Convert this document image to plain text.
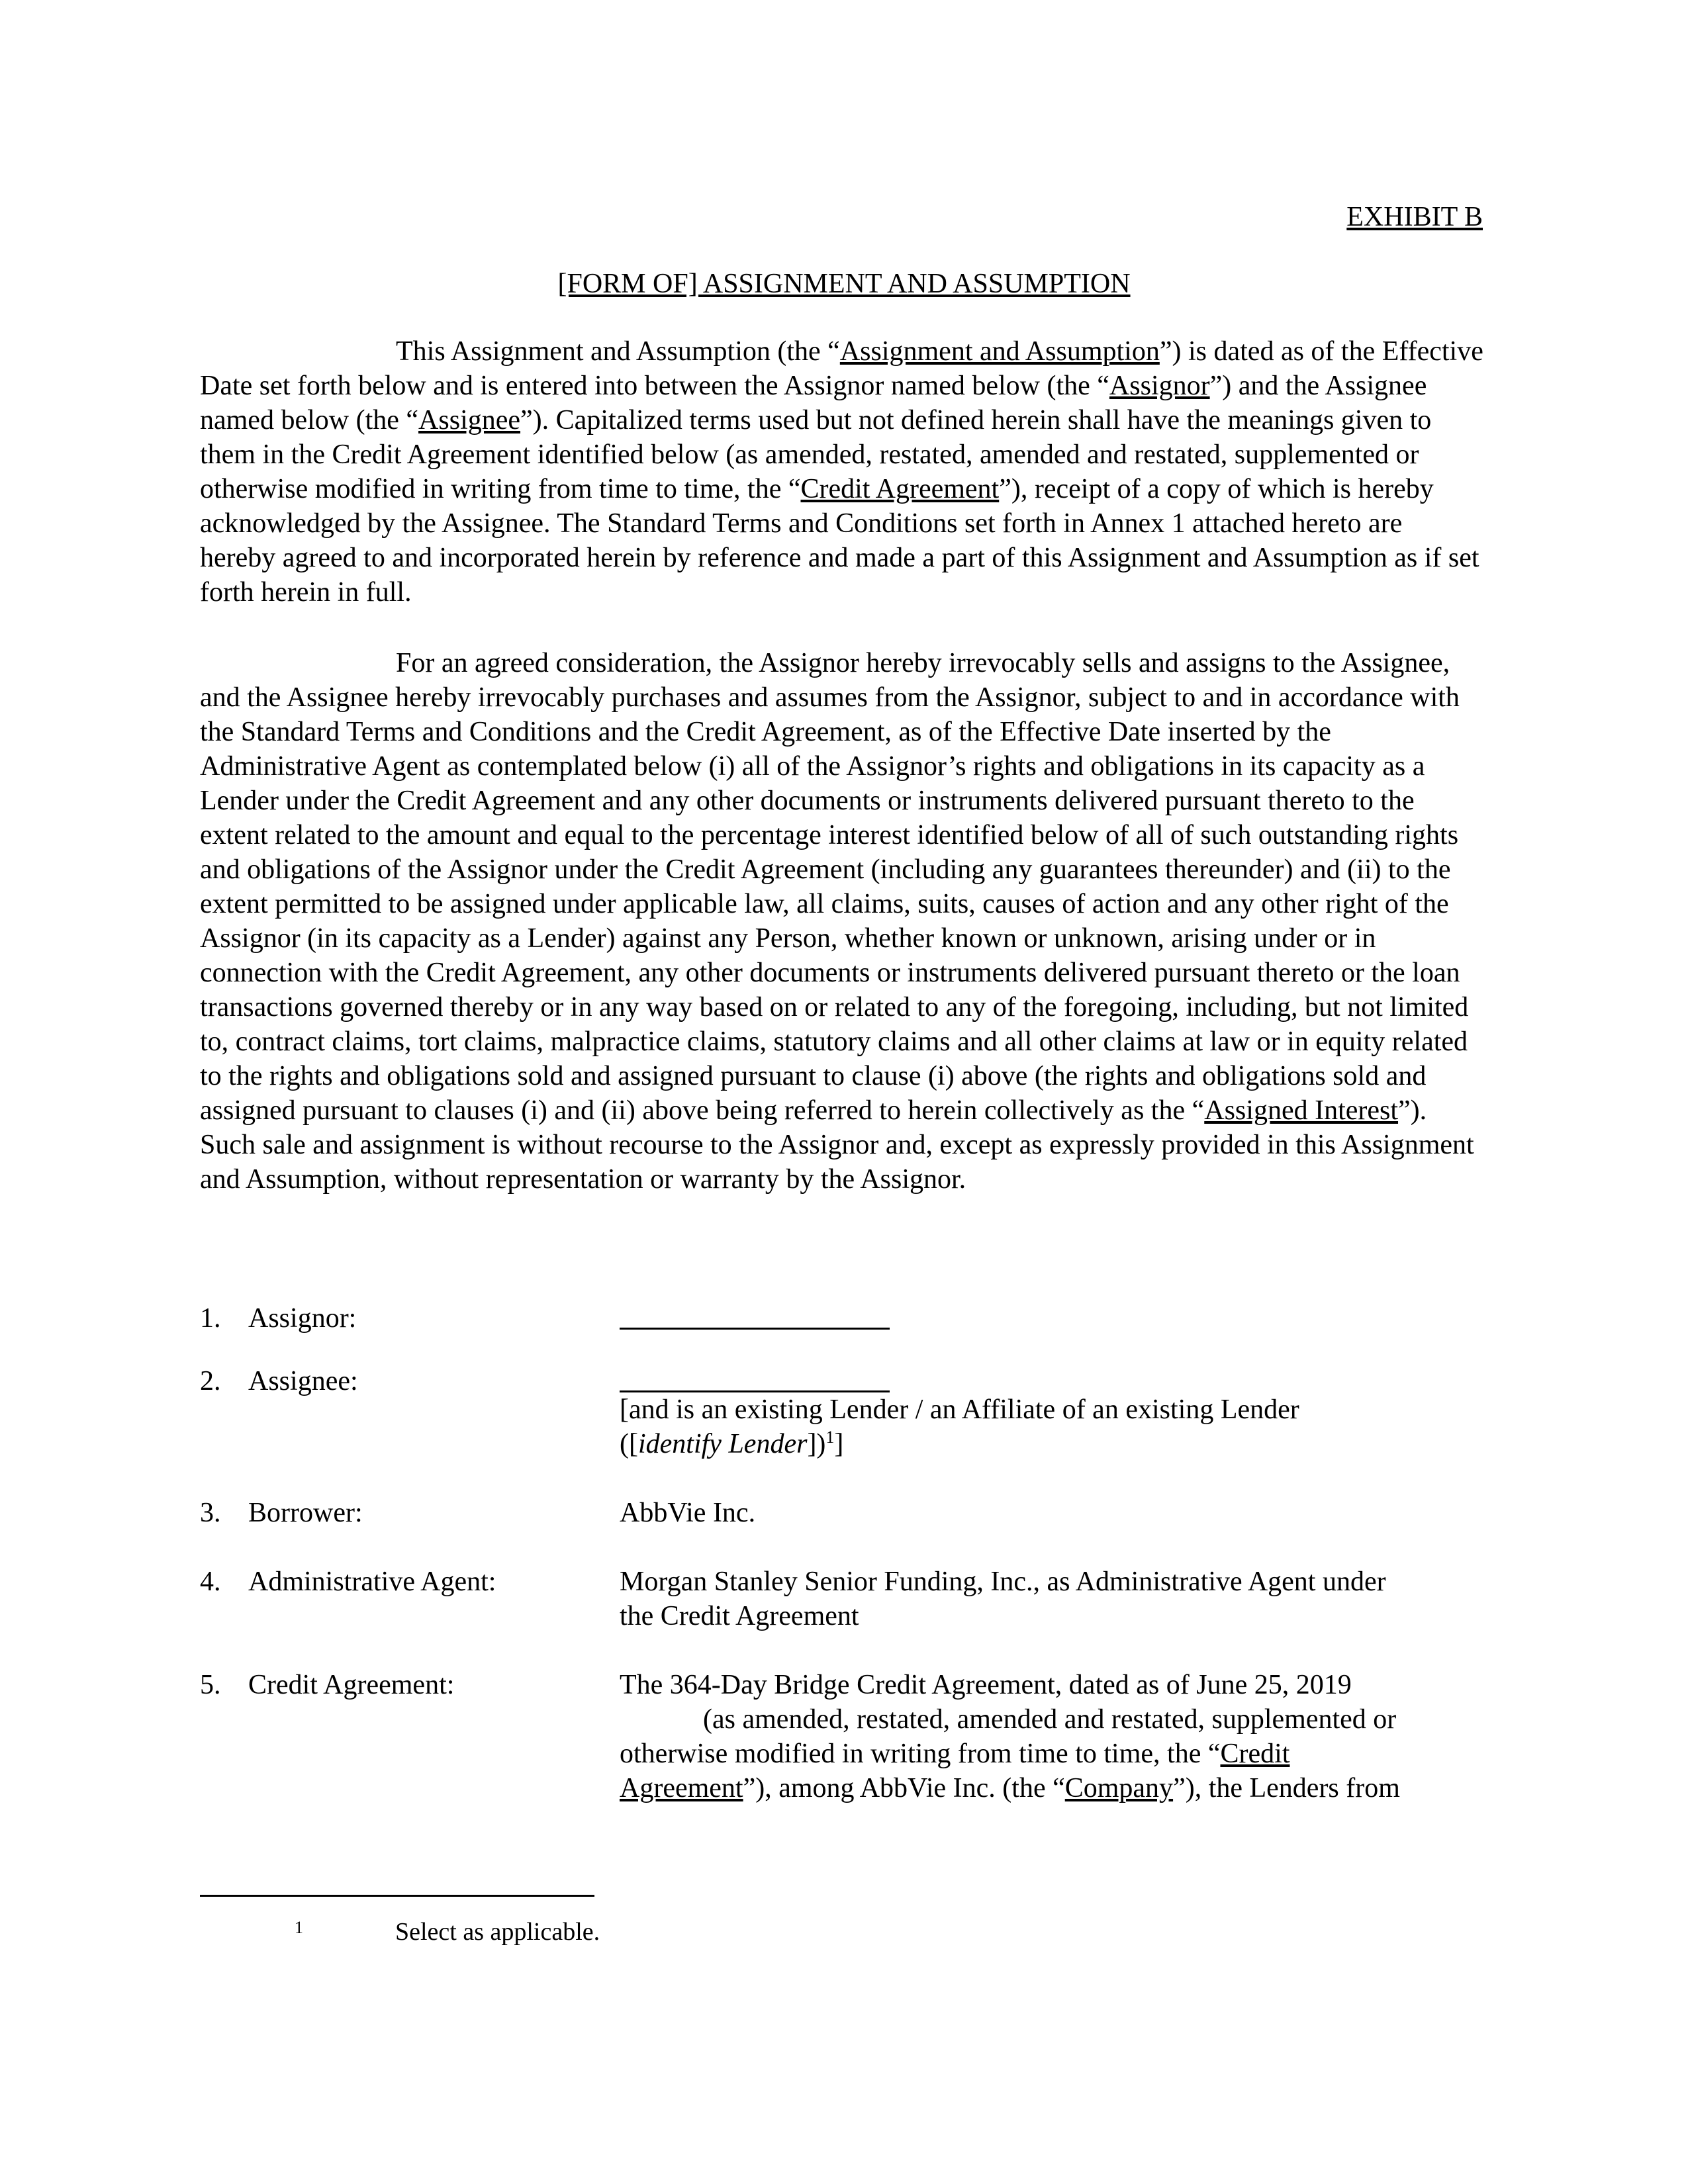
EXHIBIT B
[FORM OF] ASSIGNMENT AND ASSUMPTION

This Assignment and Assumption (the “Assignment and Assumption”) is dated as of the Effective Date set forth below and is entered into between the Assignor named below (the “Assignor”) and the Assignee named below (the “Assignee”). Capitalized terms used but not defined herein shall have the meanings given to them in the Credit Agreement identified below (as amended, restated, amended and restated, supplemented or otherwise modified in writing from time to time, the “Credit Agreement”), receipt of a copy of which is hereby acknowledged by the Assignee. The Standard Terms and Conditions set forth in Annex 1 attached hereto are hereby agreed to and incorporated herein by reference and made a part of this Assignment and Assumption as if set forth herein in full.

For an agreed consideration, the Assignor hereby irrevocably sells and assigns to the Assignee, and the Assignee hereby irrevocably purchases and assumes from the Assignor, subject to and in accordance with the Standard Terms and Conditions and the Credit Agreement, as of the Effective Date inserted by the Administrative Agent as contemplated below (i) all of the Assignor’s rights and obligations in its capacity as a Lender under the Credit Agreement and any other documents or instruments delivered pursuant thereto to the extent related to the amount and equal to the percentage interest identified below of all of such outstanding rights and obligations of the Assignor under the Credit Agreement (including any guarantees thereunder) and (ii) to the extent permitted to be assigned under applicable law, all claims, suits, causes of action and any other right of the Assignor (in its capacity as a Lender) against any Person, whether known or unknown, arising under or in connection with the Credit Agreement, any other documents or instruments delivered pursuant thereto or the loan transactions governed thereby or in any way based on or related to any of the foregoing, including, but not limited to, contract claims, tort claims, malpractice claims, statutory claims and all other claims at law or in equity related to the rights and obligations sold and assigned pursuant to clause (i) above (the rights and obligations sold and assigned pursuant to clauses (i) and (ii) above being referred to herein collectively as the “Assigned Interest”). Such sale and assignment is without recourse to the Assignor and, except as expressly provided in this Assignment and Assumption, without representation or warranty by the Assignor.

1. Assignor:
2. Assignee:
[and is an existing Lender / an Affiliate of an existing Lender
([identify Lender])$^1$]
3. Borrower:	AbbVie Inc.
4. Administrative Agent:	Morgan Stanley Senior Funding, Inc., as Administrative Agent under
the Credit Agreement
5. Credit Agreement:	The 364-Day Bridge Credit Agreement, dated as of June 25, 2019
(as amended, restated, amended and restated, supplemented or
otherwise modified in writing from time to time, the “Credit
Agreement”), among AbbVie Inc. (the “Company”), the Lenders from
1	Select as applicable.
